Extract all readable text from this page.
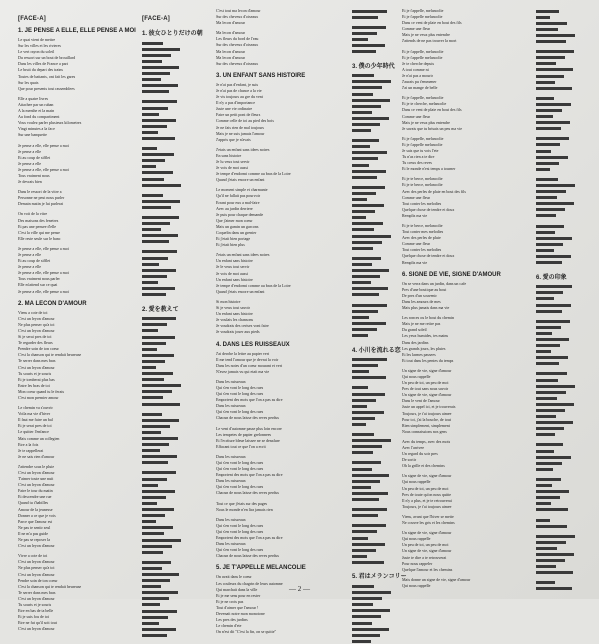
[FACE-A]
1. JE PENSE A ELLE, ELLE PENSE A MOI
Le quai vient de mettre
Sur les villes et les rivieres
Le vert rayon du soleil
Du ressort sur un bout de brouillard
Dans les villes de France a part
Le bruit du depart des trains
Toutes de battants, ont fait les gares
Sur les quais
Que pour presents tout rassemblees
Elle a quatre livres
Attachee par un ruban
A la menthe et la main
Au fond du compartiment
Vous voulez parler plusieurs kilometres
Vingt minutes a la face
Sur une banquette
Je pense a elle, elle pense a moi
Je pense a elle
Et au coup de sifflet
Je pense a elle
Je pense a elle, elle pense a moi
Tous vraiment nous
Je devrais bien
Dans le ressort de la vitre a
Personne ne peut nous parler
Demain matin je lui parlerai
On voit de la vitre
Des maisons des fenetres
Et pas une pensee d'elle
C'est la ville qui me pense
Elle reste seule sur le banc
Je pense a elle, elle pense a moi
Je pense a elle
Et au coup de sifflet
Je pense a elle
Je pense a elle, elle pense a moi
Tous vraiment nous parler
Elle m'attend sur ce quai
Je pense a elle, elle pense a moi
2. MA LECON D'AMOUR
Viens a cote de toi
C'est un leyon d'amour
Ne plus penser qu'a toi
C'est un leyon d'amour
Si je serai pres de toi
Te regarder des fleurs
Prendre soin de ton coeur
C'est la chanson qui te rendait heureuse
Te serrer dans mes bras
C'est un leyon d'amour
Tu souris et je souris
Et je tomberai plus bas
Entre les bras de toi
Mon coeur quand tu le ferais
C'est mon premier amour
Le chemin va s'ouvrir
Voila ma vie d'hiver
Il faut me faire un bal
Et je serai pres de toi
Le quitter l'enfance
Mais comme un collegien
Etre a la fois
Je te rappellerai
Je ne sais rien d'amour
J'attendre sous le pluie
C'est un leyon d'amour
T'aimer toute une nuit
C'est un leyon d'amour
Faire le tour du matin
Et descendre une rue
Quand tu t'habilles
Amour de la jeunesse
Donner a ce que je vois
Parce que l'amour est
Ne pas te sentir seul
Il ne m'a pas guide
Ne pas se reposer la
C'est un leyon d'amour
Vivre a cote de toi
C'est un leyon d'amour
Ne plus penser qu'a toi
C'est un leyon d'amour
Pendre soin de ton coeur
C'est la chanson qui te rendait heureuse
Te serrer dans mes bras
C'est un leyon d'amour
Tu souris et je souris
Etre en bas de ta belle
Et je suis fou de toi
Etre ne fut qu'il soit tout
C'est un leyon d'amour
[FACE-A]
1. 彼女ひとりだけの朝
2. 愛を教えて
C'est tout ma lecon d'amour
Sur des cheveux d'oiseaux
Ma lecon d'amour
Ma lecon d'amour
Les fleurs du bord de l'eau
Sur des cheveux d'oiseaux
Ma lecon d'amour
Ma lecon d'amour
Sur des cheveux d'oiseaux
3. UN ENFANT SANS HISTOIRE
Je n'ai pas d'enfant, je suis
Je n'ai pas de chance a la vie
Je vis toujours au gre du vent
Il n'y a pas d'importance
Juste une vie ordinaire
Faire un petit pont de fleurs
Comme celle de toi au pied des bois
Je ne fais rien de mal toujours
Mais je ne suis jamais l'amour
J'appris que je n'avais
J'etais un enfant sans idees noires
En sans histoire
Je lu veux tout servir
Je vois de moi aussi
Je tempe d'endormi comme au bras de la Loire
Quand j'etais encore un enfant
Le moment simple et charmante
Qu'il ne fallait pas pourvoir
Errant pour eux a mal-faire
Avec au jardin derriere
Je puis pour chaque demande
Que j'aimer mon coeur
Mais un gamin un garcons
Coquelin dans un grenier
Et j'etait bien portage
Et j'etait bien plus
J'etais un enfant sans idees noires
Un enfant sans histoire
Je le veux tout servir
Je vois de moi aussi
Un enfant sans histoire
Je tempe d'endormi comme au bras de la Loire
Quand j'etais encore un enfant
Si mon histoire
Si je veux tout savoir
Un enfant sans histoire
Je voulais les chansons
Je voudrais des cerises vont faire
Je voudrais jouer aux pieds
4. DANS LES RUISSEAUX
J'ai derobe la lettre au papier vert
Il me tend l'amour que je devrai la voir
Dans les notes d'un coeur mourant et vert
N'avez jamais vu qui etait ma vie
Dans les ruisseaux
Qui s'en vont le long des rues
Qui s'en vont le long des rues
Emportent des mots que l'on a pas su dire
Dans les ruisseaux
Qui s'en vont le long des rues
Chacun de nous laisse des reves perdus
Le vent d'automne passe plus loin encore
Les tempetes de papier grelonnees
Et l'ecriture bleue laissee ne se denalure
Effacant tout ce que l'on a ecrit
Dans les ruisseaux
Qui s'en vont le long des rues
Qui s'en vont le long des rues
Emportent des mots que l'on a pas su dire
Dans les ruisseaux
Qui s'en vont le long des rues
Chacun de nous laisse des reves perdus
Tout ce que j'etais sur des pages
Nous le monde n'en lira jamais rien
Dans les ruisseaux
Qui s'en vont le long des rues
Qui s'en vont le long des rues
Emportent des mots que l'on a pas su dire
Dans les ruisseaux
Qui s'en vont le long des rues
Chacun de nous laisse des reves perdus
5. JE T'APPELLE MELANCOLIE
On avait dans le coeur
Les couleurs du chagrin de leurs automne
Qui marchait dans la ville
Et je me sens pour en rester
Et je ne crois pas
Tout d'aimer que l'amour !
Devenait notre mon monotone
Les pres des jardins
Le chemin d'ete
On n'est dit "C'est la fin, on se quitte"
3. 僕の少年時代
4. 小川を流れる恋
5. 君はメランコリー
Et je t'appelle, melancolie
Et je t'appelle melancolie
Dans ce vent de plaie en bout des fils
Comme une fleur
Mais je ne veux plus entendre
J'attends de ne pas trouver la mort
Et je t'appelle, melancolie
Et je t'appelle melancolie
Je te cherche depuis
A tout comme ni
Je n'ai pas a mourir
J'aurais pu t'emmener
J'ai un mange de belle
Et je t'appelle, melancolie
Et je te cherche, melancolie
Dans ce vent de plaie en bout des fils
Comme une fleur
Mais je ne veux plus entendre
Je savais que tu brisais un peu ma vie
Et je t'appelle, melancolie
Et je t'appelle melancolie
Je sais que tu vois l'ete
Tu n'as rien a te dire
Tu creux des reves
Et le monde n'est temps a tourner
Et je te berce, melancolie
Et je te berce, melancolie
Avec des perles de plaie en bout des fils
Comme une fleur
Tout conter les melodies
Quelque chose de tendre et doux
Remplis ma vie
Et je te berce, melancolie
Tout conter mes melodies
Avec des perles de pluie
Comme une fleur
Tout conter les melodies
Quelque chose de tendre et doux
Remplis ma vie
6. SIGNE DE VIE, SIGNE D'AMOUR
On se verra dans un jardin, dans un cafe
Pres d'une boutique au bout
De pres d'un souvenir
Dans les amours de mes
Mais plus jamais dans ma vie
Les ronces ou le bout du chemin
Mais je ne me retire pas
Du grand soleil
Les yeux humides, tes mains
Dans des jardins
Les grands jours, les pluies
Et les larmes passees
Et tout dans les pentes du temps
Un signe de vie, signe d'amour
Qui nous rappelle
Un peu de toi, un peu de moi
Pres de tout sans nous savoir
Un signe de vie, signe d'amour
Dans le vent de l'amour
Juste un appel ici, et je trouverais
Toujours, je t'ai toujours aimee
Pour toi, j'ai la bouche, de tout
Rien simplement, simplement
Nous connaissions nos gens
Avec du temps, avec des mots
Avec l'arrivee
Un regard du soir pres
De sortir
Oh la grille et des chemins
Un signe de vie, signe d'amour
Qui nous rappelle
Un peu de toi, un peu de moi
Pres de toute qu'on nous quitte
Il n'y a plus, et je te retrouverai
Toujours, je t'ai toujours aimee
Viens, avant que l'hiver se mette
Ne couvre les gris et les chemins
Un signe de vie, signe d'amour
Qui nous rappelle
Un peu de toi, un peu de moi
Un signe de vie, signe d'amour
Juste te dire a te retrouverai
Pour nous rappeler
Quelque l'amour et les chemins
Mais donne un signe de vie, signe d'amour
Qui nous rappelle
6. 愛の印象
— 2 —
